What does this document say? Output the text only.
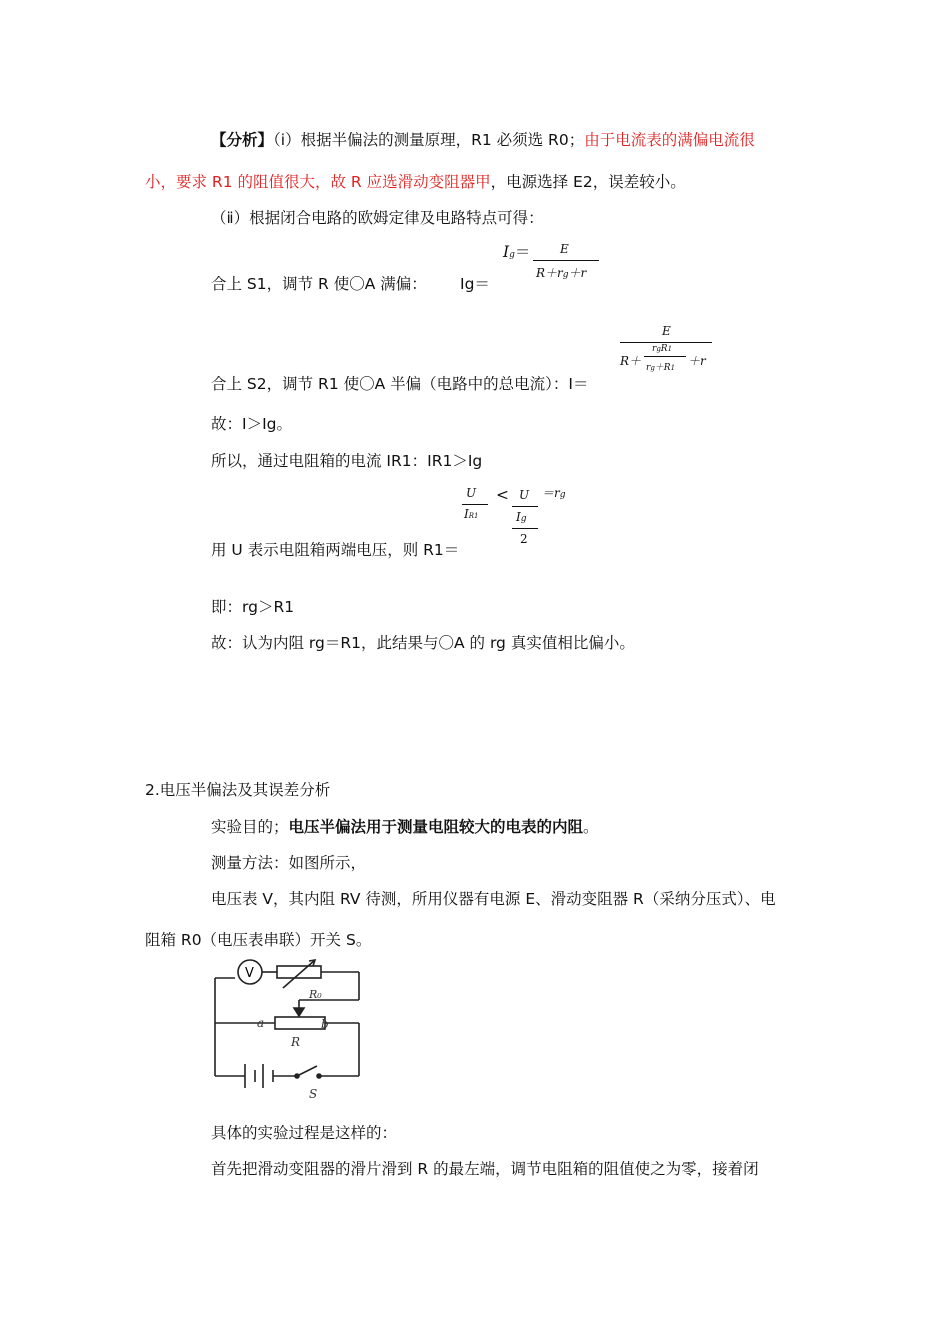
【分析】（ⅰ）根据半偏法的测量原理，R1 必须选 R0；由于电流表的满偏电流很
小，要求 R1 的阻值很大，故 R 应选滑动变阻器甲，电源选择 E2，误差较小。
（ⅱ）根据闭合电路的欧姆定律及电路特点可得：
Ig＝ E
R＋rg＋r
合上 S1，调节 R 使〇A 满偏： Ig＝
E
R＋
rgR1
rg＋R1 ＋r
合上 S2，调节 R1 使〇A 半偏（电路中的总电流）：I＝
故：I＞Ig。
所以，通过电阻箱的电流 IR1：IR1＞Ig
U
IR1
< U
Ig
2
＝rg
用 U 表示电阻箱两端电压，则 R1＝
即：rg＞R1
故：认为内阻 rg＝R1，此结果与〇A 的 rg 真实值相比偏小。
2.电压半偏法及其误差分析
实验目的；电压半偏法用于测量电阻较大的电表的内阻。
测量方法：如图所示，
电压表 V，其内阻 RV 待测，所用仪器有电源 E、滑动变阻器 R（采纳分压式）、电
阻箱 R0（电压表串联）开关 S。
V
R₀
a	b
R
S
具体的实验过程是这样的：
首先把滑动变阻器的滑片滑到 R 的最左端，调节电阻箱的阻值使之为零，接着闭
